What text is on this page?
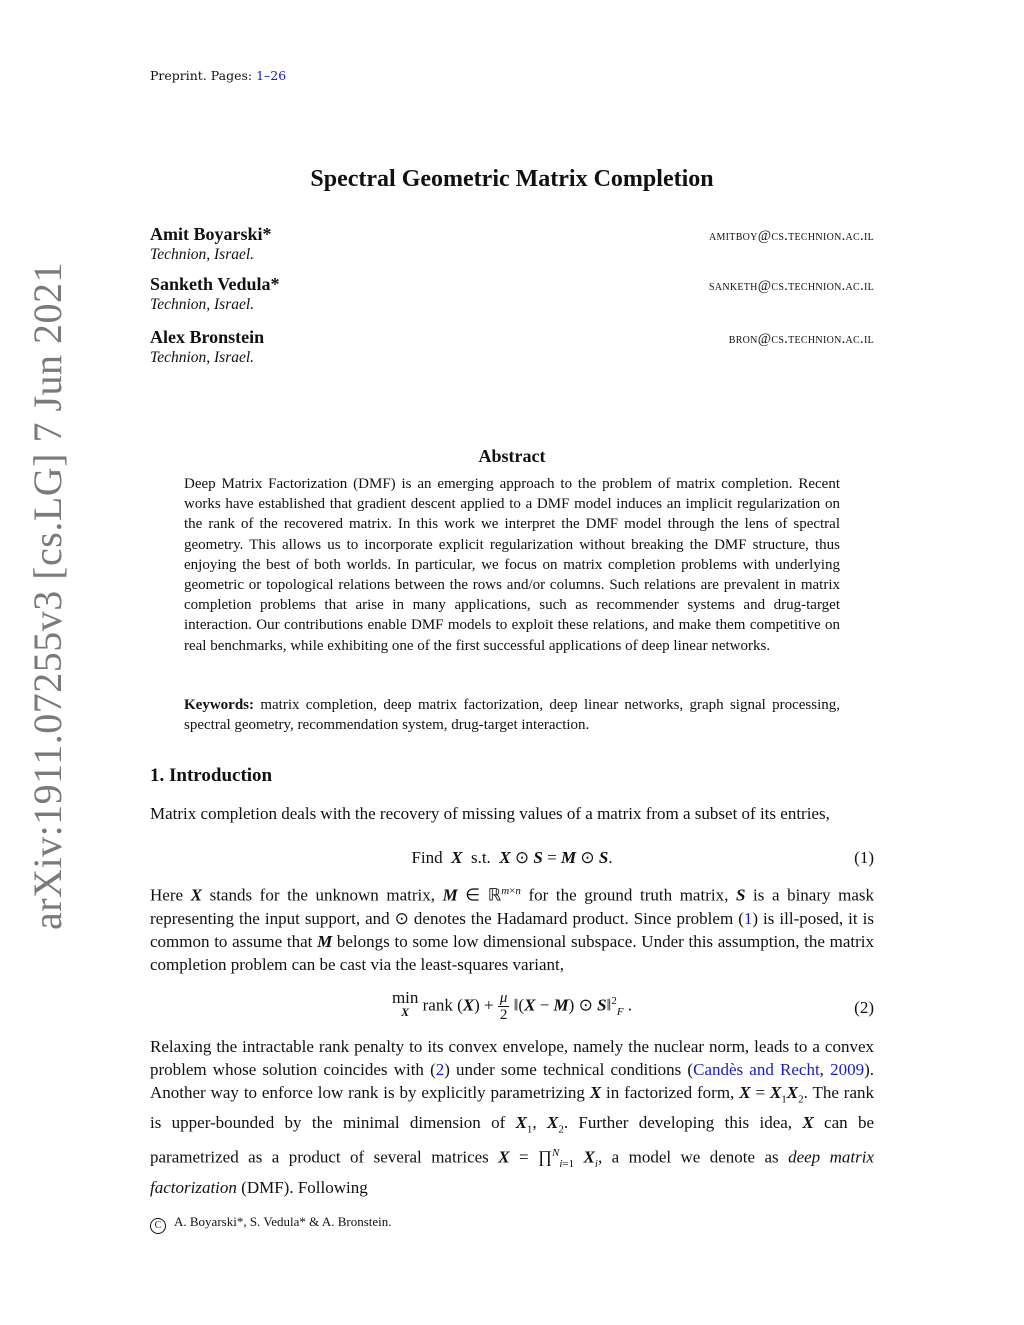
Preprint. Pages: 1–26
arXiv:1911.07255v3 [cs.LG] 7 Jun 2021
Spectral Geometric Matrix Completion
Amit Boyarski*	amitboy@cs.technion.ac.il
Technion, Israel.
Sanketh Vedula*	sanketh@cs.technion.ac.il
Technion, Israel.
Alex Bronstein	bron@cs.technion.ac.il
Technion, Israel.
Abstract
Deep Matrix Factorization (DMF) is an emerging approach to the problem of matrix completion. Recent works have established that gradient descent applied to a DMF model induces an implicit regularization on the rank of the recovered matrix. In this work we interpret the DMF model through the lens of spectral geometry. This allows us to incorporate explicit regularization without breaking the DMF structure, thus enjoying the best of both worlds. In particular, we focus on matrix completion problems with underlying geometric or topological relations between the rows and/or columns. Such relations are prevalent in matrix completion problems that arise in many applications, such as recommender systems and drug-target interaction. Our contributions enable DMF models to exploit these relations, and make them competitive on real benchmarks, while exhibiting one of the first successful applications of deep linear networks.
Keywords: matrix completion, deep matrix factorization, deep linear networks, graph signal processing, spectral geometry, recommendation system, drug-target interaction.
1. Introduction
Matrix completion deals with the recovery of missing values of a matrix from a subset of its entries,
Find X s.t. X ⊙ S = M ⊙ S.	(1)
Here X stands for the unknown matrix, M ∈ ℝ$^{m\times n}$ for the ground truth matrix, S is a binary mask representing the input support, and ⊙ denotes the Hadamard product. Since problem (1) is ill-posed, it is common to assume that M belongs to some low dimensional subspace. Under this assumption, the matrix completion problem can be cast via the least-squares variant,
min
X rank $(X) + \frac{\mu}{2}$ ‖(X − M) ⊙ S‖$^2_F$ .	(2)
Relaxing the intractable rank penalty to its convex envelope, namely the nuclear norm, leads to a convex problem whose solution coincides with (2) under some technical conditions (Candès and Recht, 2009). Another way to enforce low rank is by explicitly parametrizing X in factorized form, $X = X_1X_2$. The rank is upper-bounded by the minimal dimension of $X_1$, $X_2$. Further developing this idea, X can be parametrized as a product of several matrices X = ∏$^N_{i=1}$ $X_i$, a model we denote as deep matrix factorization (DMF). Following
C A. Boyarski*, S. Vedula* & A. Bronstein.
